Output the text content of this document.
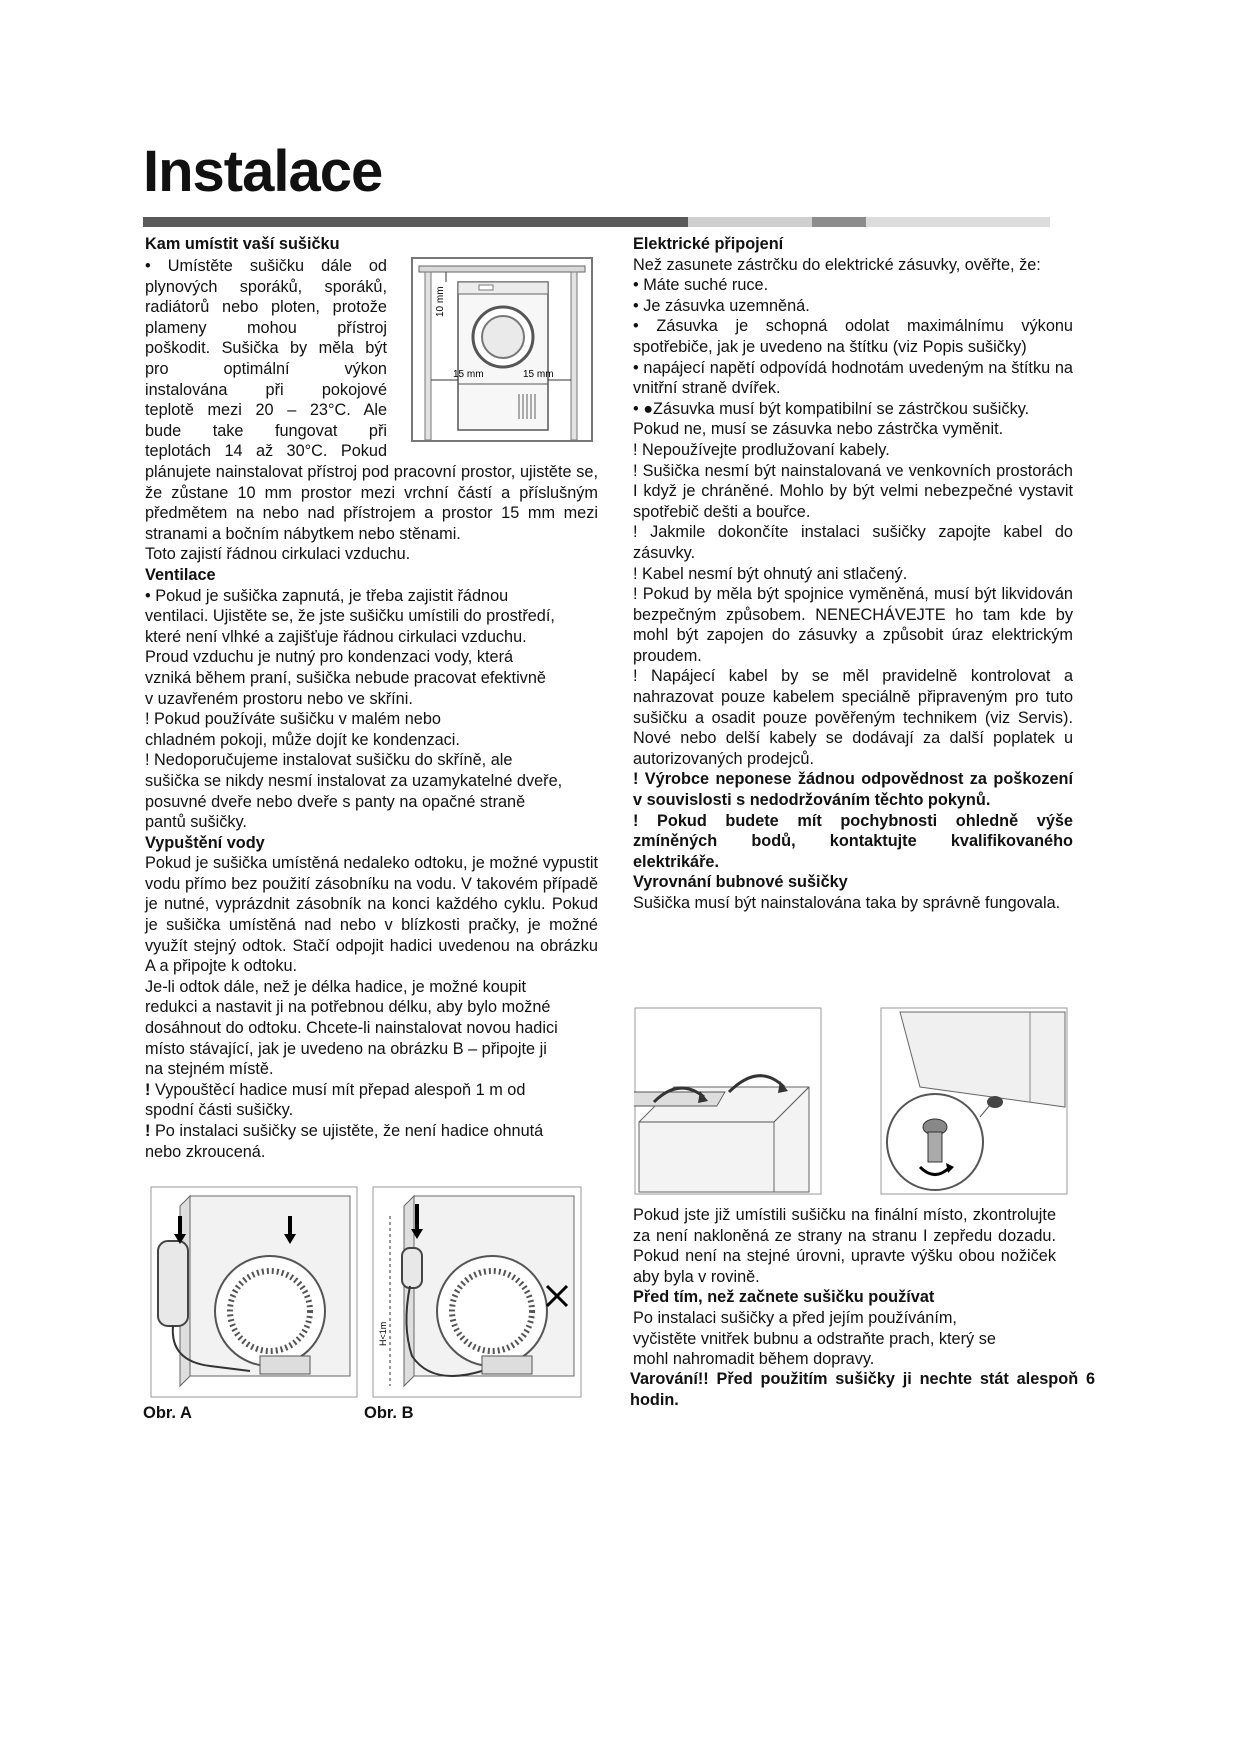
Instalace

Kam umístit vaší sušičku

• Umístěte sušičku dále od

plynových sporáků, sporáků,

radiátorů nebo ploten, protože

plameny mohou přístroj

poškodit. Sušička by měla být

pro optimální výkon

instalována při pokojové

teplotě mezi 20 – 23°C. Ale

bude take fungovat při

teplotách 14 až 30°C. Pokud

10 mm
15 mm	15 mm

plánujete nainstalovat přístroj pod pracovní prostor, ujistěte se, že zůstane 10 mm prostor mezi vrchní částí a příslušným předmětem na nebo nad přístrojem a prostor 15 mm mezi stranami a bočním nábytkem nebo stěnami.

Toto zajistí řádnou cirkulaci vzduchu.

Ventilace

• Pokud je sušička zapnutá, je třeba zajistit řádnou

ventilaci. Ujistěte se, že jste sušičku umístili do prostředí,

které není vlhké a zajišťuje řádnou cirkulaci vzduchu.

Proud vzduchu je nutný pro kondenzaci vody, která

vzniká během praní, sušička nebude pracovat efektivně

v uzavřeném prostoru nebo ve skříni.

! Pokud používáte sušičku v malém nebo

chladném pokoji, může dojít ke kondenzaci.

! Nedoporučujeme instalovat sušičku do skříně, ale

sušička se nikdy nesmí instalovat za uzamykatelné dveře,

posuvné dveře nebo dveře s panty na opačné straně

pantů sušičky.

Vypuštění vody

Pokud je sušička umístěná nedaleko odtoku, je možné vypustit vodu přímo bez použití zásobníku na vodu. V takovém případě je nutné, vyprázdnit zásobník na konci každého cyklu. Pokud je sušička umístěná nad nebo v blízkosti pračky, je možné využít stejný odtok. Stačí odpojit hadici uvedenou na obrázku A a připojte k odtoku.

Je-li odtok dále, než je délka hadice, je možné koupit

redukci a nastavit ji na potřebnou délku, aby bylo možné

dosáhnout do odtoku. Chcete-li nainstalovat novou hadici

místo stávající, jak je uvedeno na obrázku B – připojte ji

na stejném místě.

! Vypouštěcí hadice musí mít přepad alespoň 1 m od

spodní části sušičky.

! Po instalaci sušičky se ujistěte, že není hadice ohnutá

nebo zkroucená.

Obr. A
H<1m
Obr. B

Elektrické připojení

Než zasunete zástrčku do elektrické zásuvky, ověřte, že:

• Máte suché ruce.

• Je zásuvka uzemněná.

• Zásuvka je schopná odolat maximálnímu výkonu spotřebiče, jak je uvedeno na štítku (viz Popis sušičky)

• napájecí napětí odpovídá hodnotám uvedeným na štítku na vnitřní straně dvířek.

• ●Zásuvka musí být kompatibilní se zástrčkou sušičky.

Pokud ne, musí se zásuvka nebo zástrčka vyměnit.

! Nepoužívejte prodlužovaní kabely.

! Sušička nesmí být nainstalovaná ve venkovních prostorách I když je chráněné. Mohlo by být velmi nebezpečné vystavit spotřebič dešti a bouřce.

! Jakmile dokončíte instalaci sušičky zapojte kabel do zásuvky.

! Kabel nesmí být ohnutý ani stlačený.

! Pokud by měla být spojnice vyměněná, musí být likvidován bezpečným způsobem. NENECHÁVEJTE ho tam kde by mohl být zapojen do zásuvky a způsobit úraz elektrickým proudem.

! Napájecí kabel by se měl pravidelně kontrolovat a nahrazovat pouze kabelem speciálně připraveným pro tuto sušičku a osadit pouze pověřeným technikem (viz Servis). Nové nebo delší kabely se dodávají za další poplatek u autorizovaných prodejců.

! Výrobce neponese žádnou odpovědnost za poškození v souvislosti s nedodržováním těchto pokynů.

! Pokud budete mít pochybnosti ohledně výše zmíněných bodů, kontaktujte kvalifikovaného elektrikáře.

Vyrovnání bubnové sušičky

Sušička musí být nainstalována taka by správně fungovala.

Pokud jste již umístili sušičku na finální místo, zkontrolujte za není nakloněná ze strany na stranu I zepředu dozadu. Pokud není na stejné úrovni, upravte výšku obou nožiček aby byla v rovině.

Před tím, než začnete sušičku používat

Po instalaci sušičky a před jejím používáním,

vyčistěte vnitřek bubnu a odstraňte prach, který se

mohl nahromadit během dopravy.

Varování!! Před použitím sušičky ji nechte stát alespoň 6 hodin.
